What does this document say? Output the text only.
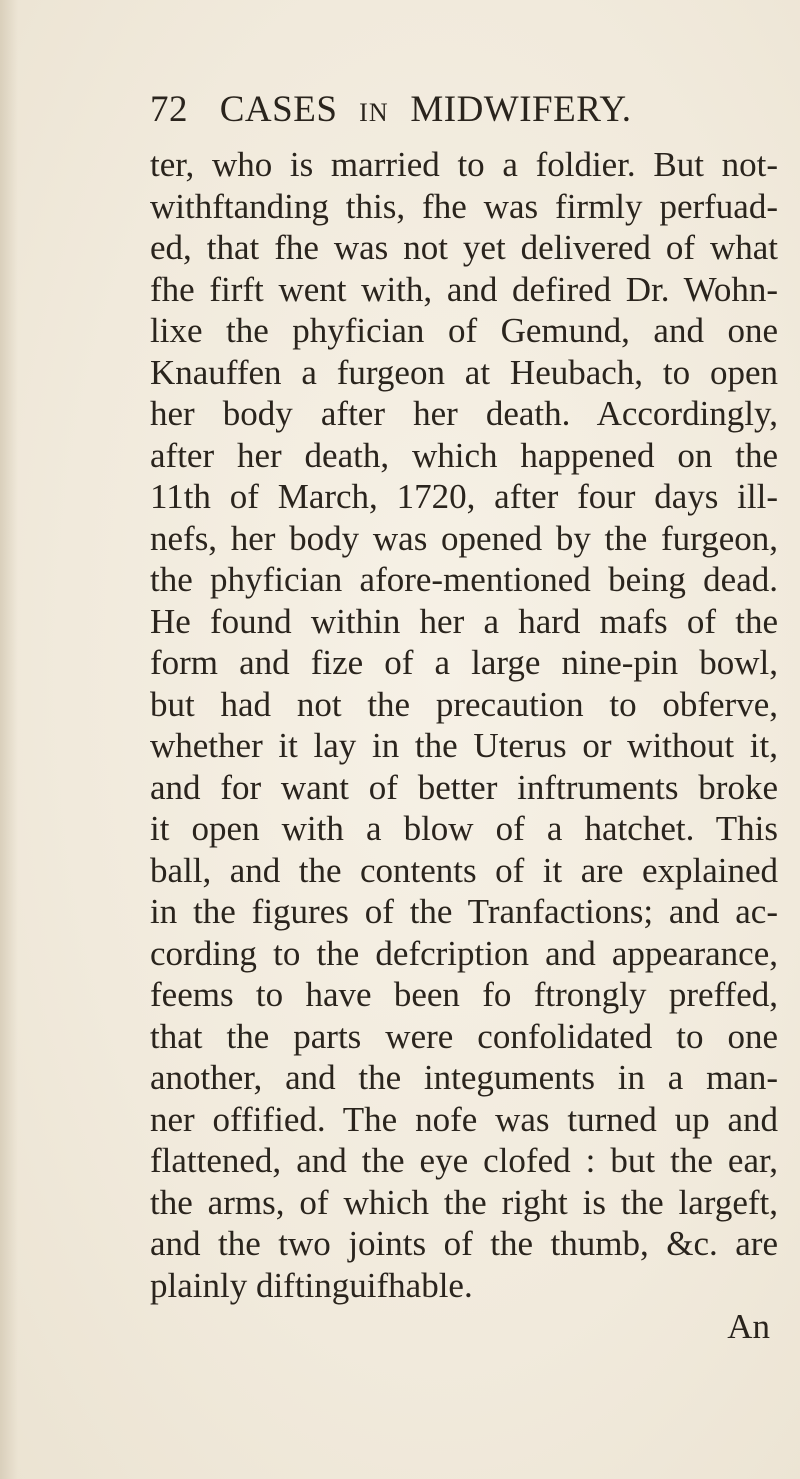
72 CASES IN MIDWIFERY.
ter, who is married to a foldier. But not-
withftanding this, fhe was firmly perfuad-
ed, that fhe was not yet delivered of what
fhe firft went with, and defired Dr. Wohn-
lixe the phyfician of Gemund, and one
Knauffen a furgeon at Heubach, to open
her body after her death. Accordingly,
after her death, which happened on the
11th of March, 1720, after four days ill-
nefs, her body was opened by the furgeon,
the phyfician afore-mentioned being dead.
He found within her a hard mafs of the
form and fize of a large nine-pin bowl,
but had not the precaution to obferve,
whether it lay in the Uterus or without it,
and for want of better inftruments broke
it open with a blow of a hatchet. This
ball, and the contents of it are explained
in the figures of the Tranfactions; and ac-
cording to the defcription and appearance,
feems to have been fo ftrongly preffed,
that the parts were confolidated to one
another, and the integuments in a man-
ner offified. The nofe was turned up and
flattened, and the eye clofed : but the ear,
the arms, of which the right is the largeft,
and the two joints of the thumb, &c. are
plainly diftinguifhable.
An
